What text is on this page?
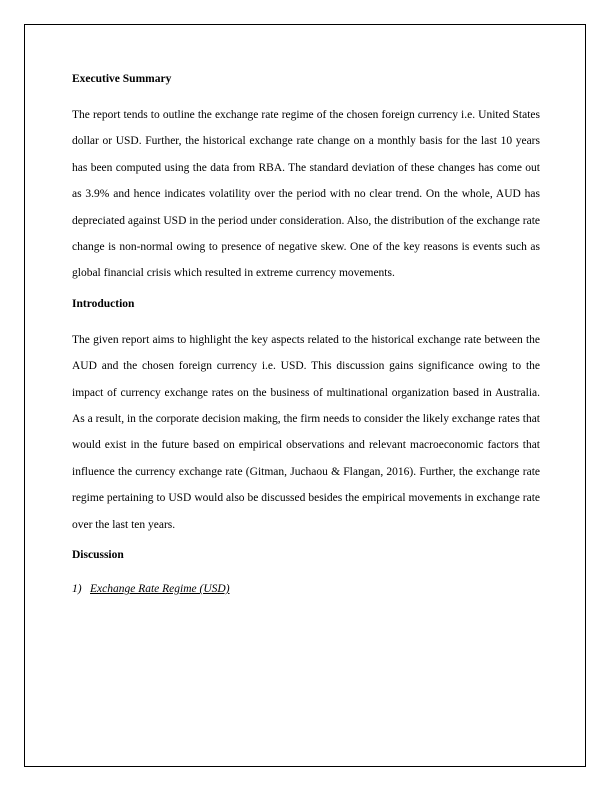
Executive Summary

The report tends to outline the exchange rate regime of the chosen foreign currency i.e. United States dollar or USD. Further, the historical exchange rate change on a monthly basis for the last 10 years has been computed using the data from RBA. The standard deviation of these changes has come out as 3.9% and hence indicates volatility over the period with no clear trend. On the whole, AUD has depreciated against USD in the period under consideration. Also, the distribution of the exchange rate change is non-normal owing to presence of negative skew. One of the key reasons is events such as global financial crisis which resulted in extreme currency movements.

Introduction

The given report aims to highlight the key aspects related to the historical exchange rate between the AUD and the chosen foreign currency i.e. USD. This discussion gains significance owing to the impact of currency exchange rates on the business of multinational organization based in Australia. As a result, in the corporate decision making, the firm needs to consider the likely exchange rates that would exist in the future based on empirical observations and relevant macroeconomic factors that influence the currency exchange rate (Gitman, Juchaou & Flangan, 2016). Further, the exchange rate regime pertaining to USD would also be discussed besides the empirical movements in exchange rate over the last ten years.

Discussion

1) Exchange Rate Regime (USD)
